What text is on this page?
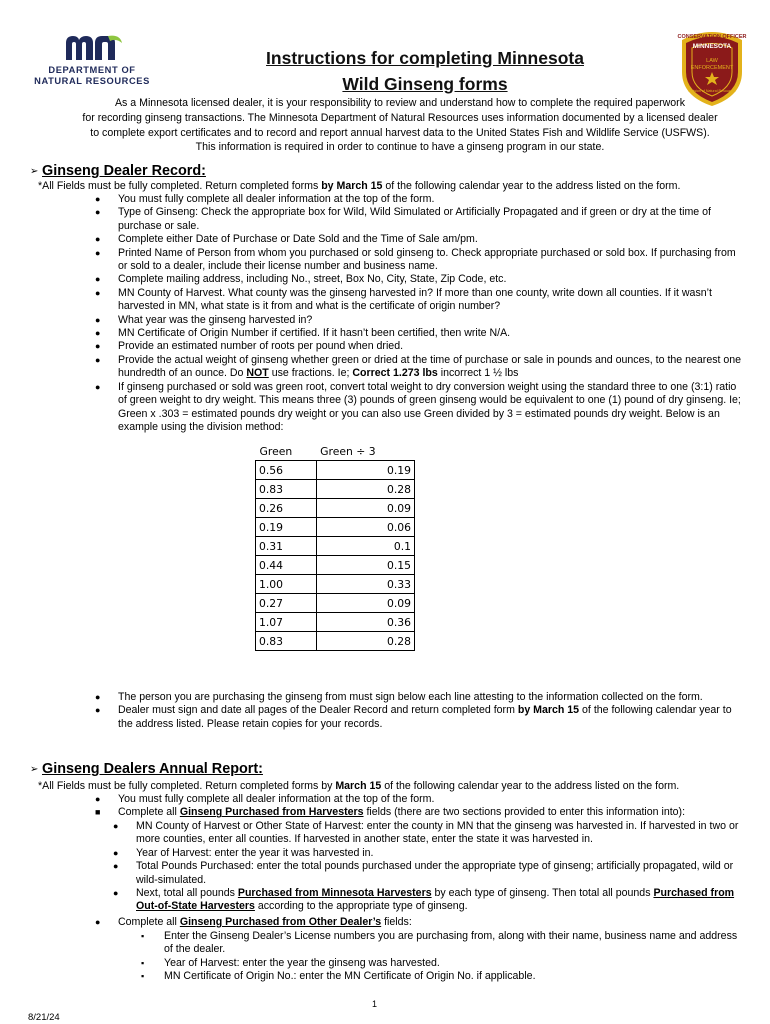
DEPARTMENT OF
NATURAL RESOURCES
Instructions for completing Minnesota
Wild Ginseng forms
CONSERVATION OFFICER
MINNESOTA
LAW
ENFORCEMENT
Division of Natural Resources
As a Minnesota licensed dealer, it is your responsibility to review and understand how to complete the required paperwork
for recording ginseng transactions. The Minnesota Department of Natural Resources uses information documented by a licensed dealer
to complete export certificates and to record and report annual harvest data to the United States Fish and Wildlife Service (USFWS).
This information is required in order to continue to have a ginseng program in our state.
➢ Ginseng Dealer Record:
*All Fields must be fully completed. Return completed forms by March 15 of the following calendar year to the address listed on the form.
● You must fully complete all dealer information at the top of the form.
● Type of Ginseng: Check the appropriate box for Wild, Wild Simulated or Artificially Propagated and if green or dry at the time of purchase or sale.
● Complete either Date of Purchase or Date Sold and the Time of Sale am/pm.
● Printed Name of Person from whom you purchased or sold ginseng to. Check appropriate purchased or sold box. If purchasing from or sold to a dealer, include their license number and business name.
● Complete mailing address, including No., street, Box No, City, State, Zip Code, etc.
● MN County of Harvest. What county was the ginseng harvested in? If more than one county, write down all counties. If it wasn’t harvested in MN, what state is it from and what is the certificate of origin number?
● What year was the ginseng harvested in?
● MN Certificate of Origin Number if certified. If it hasn’t been certified, then write N/A.
● Provide an estimated number of roots per pound when dried.
● Provide the actual weight of ginseng whether green or dried at the time of purchase or sale in pounds and ounces, to the nearest one hundredth of an ounce. Do NOT use fractions. Ie; Correct 1.273 lbs incorrect 1 ½ lbs
● If ginseng purchased or sold was green root, convert total weight to dry conversion weight using the standard three to one (3:1) ratio of green weight to dry weight. This means three (3) pounds of green ginseng would be equivalent to one (1) pound of dry ginseng. Ie; Green x .303 = estimated pounds dry weight or you can also use Green divided by 3 = estimated pounds dry weight. Below is an example using the division method:
Green	Green ÷ 3
0.56	0.19
0.83	0.28
0.26	0.09
0.19	0.06
0.31	0.1
0.44	0.15
1.00	0.33
0.27	0.09
1.07	0.36
0.83	0.28
● The person you are purchasing the ginseng from must sign below each line attesting to the information collected on the form.
● Dealer must sign and date all pages of the Dealer Record and return completed form by March 15 of the following calendar year to the address listed. Please retain copies for your records.
➢ Ginseng Dealers Annual Report:
*All Fields must be fully completed. Return completed forms by March 15 of the following calendar year to the address listed on the form.
● You must fully complete all dealer information at the top of the form.
■ Complete all Ginseng Purchased from Harvesters fields (there are two sections provided to enter this information into):
● MN County of Harvest or Other State of Harvest: enter the county in MN that the ginseng was harvested in. If harvested in two or more counties, enter all counties. If harvested in another state, enter the state it was harvested in.
● Year of Harvest: enter the year it was harvested in.
● Total Pounds Purchased: enter the total pounds purchased under the appropriate type of ginseng; artificially propagated, wild or wild-simulated.
● Next, total all pounds Purchased from Minnesota Harvesters by each type of ginseng. Then total all pounds Purchased from Out-of-State Harvesters according to the appropriate type of ginseng.
● Complete all Ginseng Purchased from Other Dealer’s fields:
▪ Enter the Ginseng Dealer’s License numbers you are purchasing from, along with their name, business name and address of the dealer.
▪ Year of Harvest: enter the year the ginseng was harvested.
▪ MN Certificate of Origin No.: enter the MN Certificate of Origin No. if applicable.
1
8/21/24
